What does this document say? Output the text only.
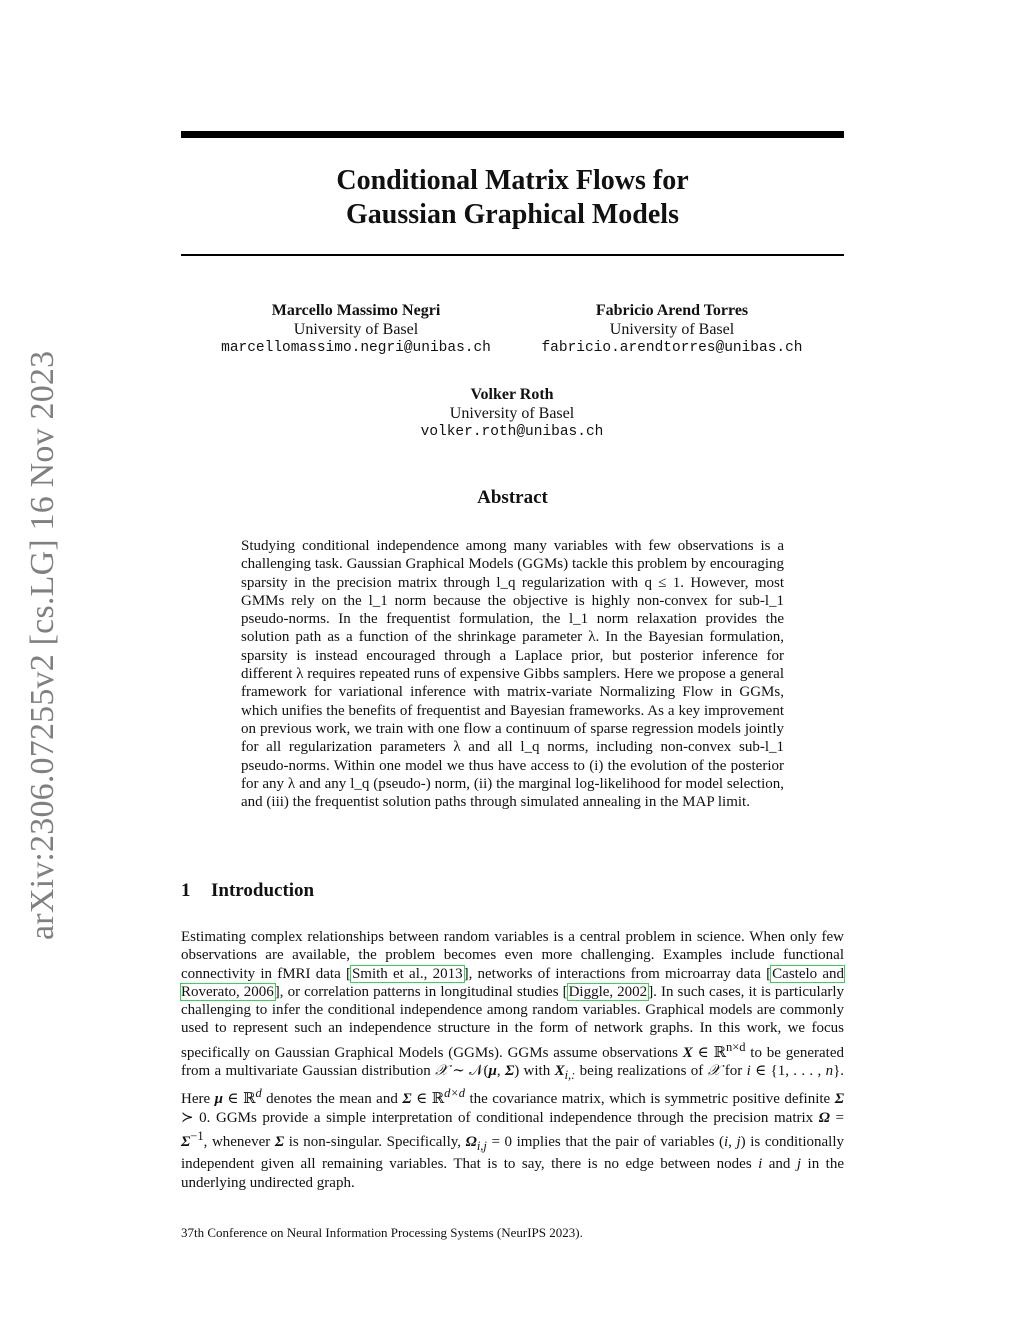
arXiv:2306.07255v2 [cs.LG] 16 Nov 2023
Conditional Matrix Flows for
Gaussian Graphical Models
Marcello Massimo Negri
University of Basel
marcellomassimo.negri@unibas.ch
Fabricio Arend Torres
University of Basel
fabricio.arendtorres@unibas.ch
Volker Roth
University of Basel
volker.roth@unibas.ch
Abstract

Studying conditional independence among many variables with few observations is a challenging task. Gaussian Graphical Models (GGMs) tackle this problem by encouraging sparsity in the precision matrix through l_q regularization with q ≤ 1. However, most GMMs rely on the l_1 norm because the objective is highly non-convex for sub-l_1 pseudo-norms. In the frequentist formulation, the l_1 norm relaxation provides the solution path as a function of the shrinkage parameter λ. In the Bayesian formulation, sparsity is instead encouraged through a Laplace prior, but posterior inference for different λ requires repeated runs of expensive Gibbs samplers. Here we propose a general framework for variational inference with matrix-variate Normalizing Flow in GGMs, which unifies the benefits of frequentist and Bayesian frameworks. As a key improvement on previous work, we train with one flow a continuum of sparse regression models jointly for all regularization parameters λ and all l_q norms, including non-convex sub-l_1 pseudo-norms. Within one model we thus have access to (i) the evolution of the posterior for any λ and any l_q (pseudo-) norm, (ii) the marginal log-likelihood for model selection, and (iii) the frequentist solution paths through simulated annealing in the MAP limit.

1 Introduction

Estimating complex relationships between random variables is a central problem in science. When only few observations are available, the problem becomes even more challenging. Examples include functional connectivity in fMRI data [Smith et al., 2013], networks of interactions from microarray data [Castelo and Roverato, 2006], or correlation patterns in longitudinal studies [Diggle, 2002]. In such cases, it is particularly challenging to infer the conditional independence among random variables. Graphical models are commonly used to represent such an independence structure in the form of network graphs. In this work, we focus specifically on Gaussian Graphical Models (GGMs). GGMs assume observations X ∈ ℝ$^{n\times d}$ to be generated from a multivariate Gaussian distribution 𝒳 ∼ 𝒩(μ, Σ) with $X_{i,:}$ being realizations of 𝒳 for i ∈ {1, . . . , n}. Here μ ∈ ℝ$^d$ denotes the mean and Σ ∈ ℝ$^{d\times d}$ the covariance matrix, which is symmetric positive definite Σ ≻ 0. GGMs provide a simple interpretation of conditional independence through the precision matrix $\Omega = \Sigma^{-1}$, whenever Σ is non-singular. Specifically, $\Omega_{i,j} = 0$ implies that the pair of variables (i, j) is conditionally independent given all remaining variables. That is to say, there is no edge between nodes i and j in the underlying undirected graph.

37th Conference on Neural Information Processing Systems (NeurIPS 2023).
